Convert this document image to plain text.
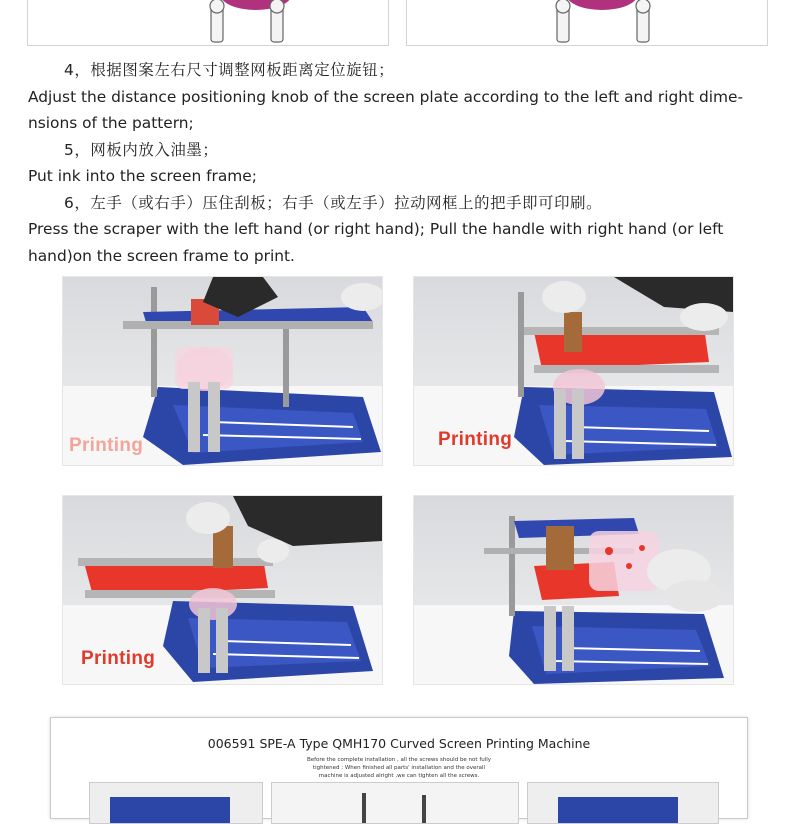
4，根据图案左右尺寸调整网板距离定位旋钮；
Adjust the distance positioning knob of the screen plate according to the left and right dime-
nsions of the pattern;
5，网板内放入油墨；
Put ink into the screen frame;
6，左手（或右手）压住刮板；右手（或左手）拉动网框上的把手即可印刷。
Press the scraper with the left hand (or right hand); Pull the handle with right hand (or left
hand)on the screen frame to print.
Printing	Printing
Printing
006591 SPE-A Type QMH170 Curved Screen Printing Machine
Before the complete installation , all the screws should be not fully
tightened ; When finished all parts' installation and the overall
machine is adjusted alright ,we can tighten all the screws.
